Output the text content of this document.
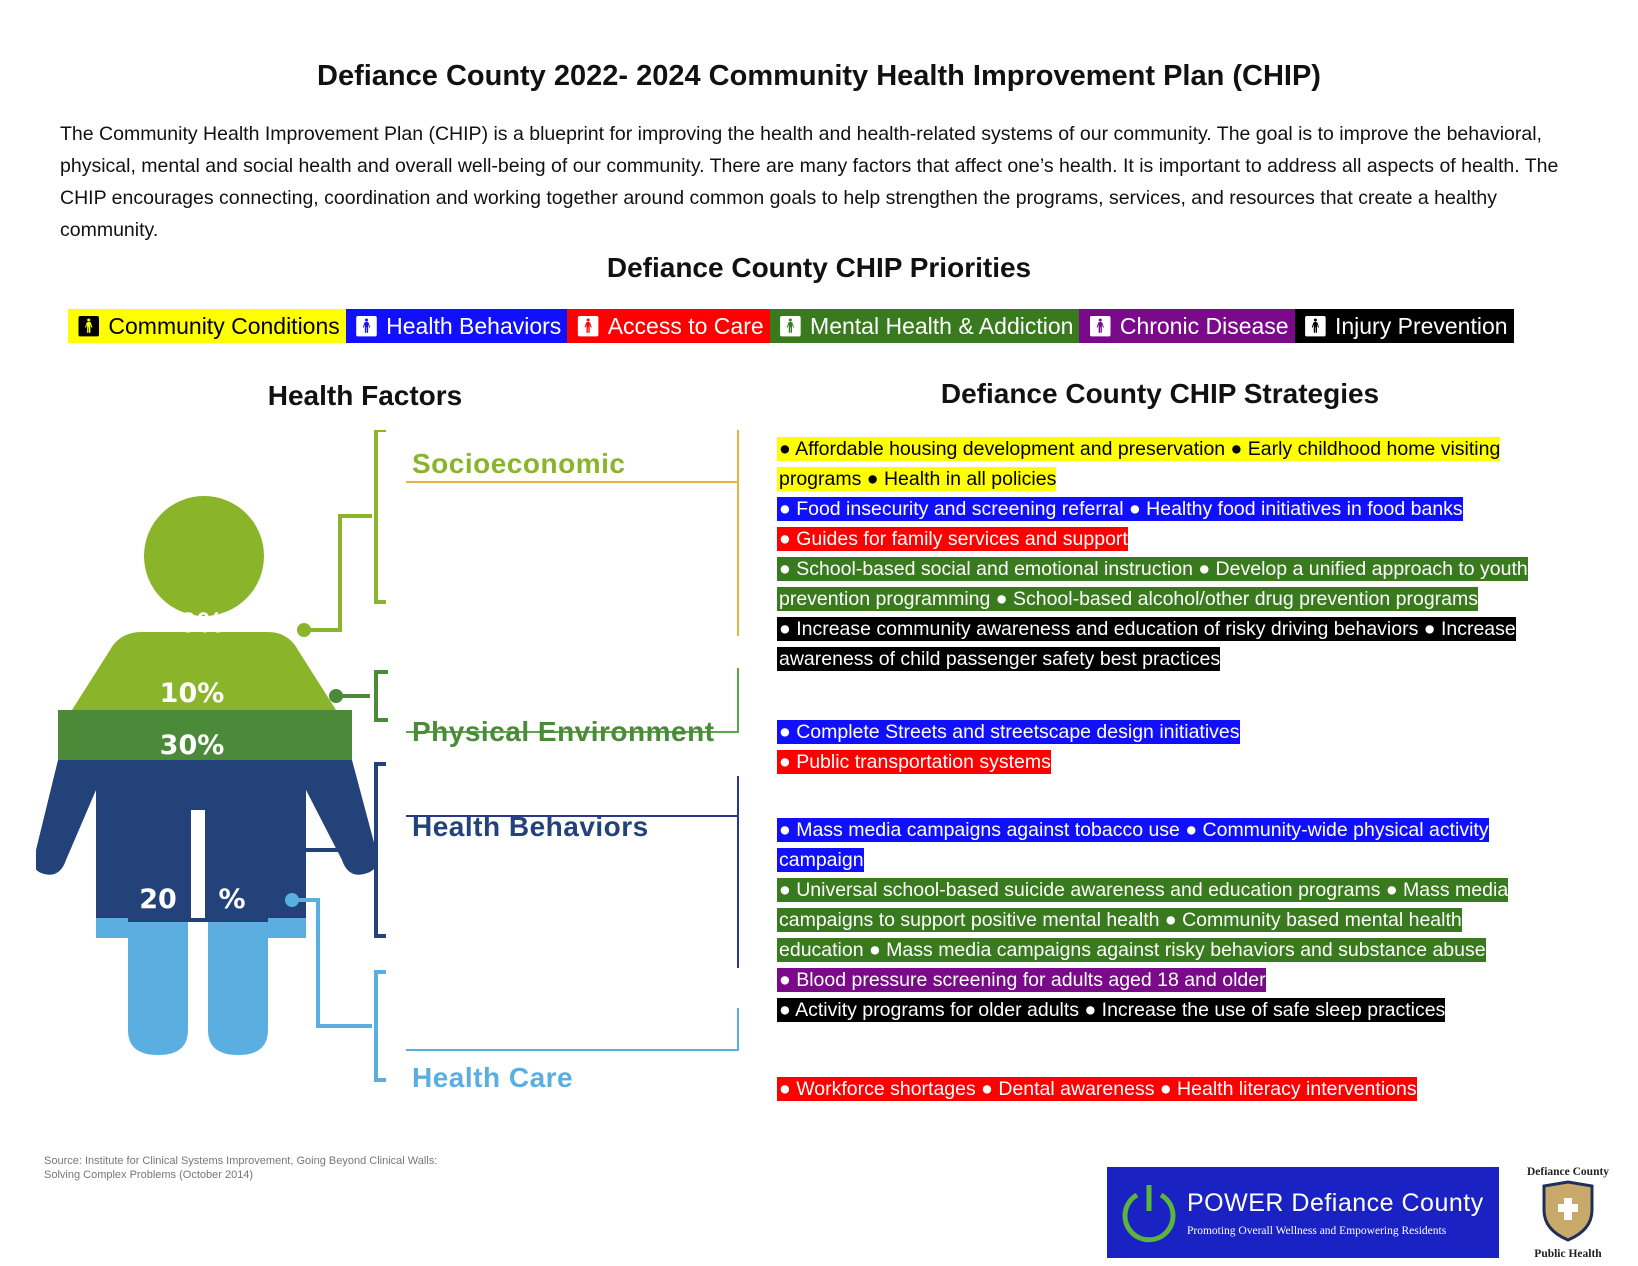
Defiance County 2022- 2024 Community Health Improvement Plan (CHIP)
The Community Health Improvement Plan (CHIP) is a blueprint for improving the health and health-related systems of our community. The goal is to improve the behavioral, physical, mental and social health and overall well-being of our community. There are many factors that affect one’s health. It is important to address all aspects of health. The CHIP encourages connecting, coordination and working together around common goals to help strengthen the programs, services, and resources that create a healthy community.
Defiance County CHIP Priorities
🚹︎ Community Conditions 🚹︎ Health Behaviors 🚹︎ Access to Care 🚹︎ Mental Health & Addiction 🚹︎ Chronic Disease 🚹︎ Injury Prevention
Health Factors	Defiance County CHIP Strategies
40%
10%
30%
20 %
Socioeconomic
Physical Environment
Health Behaviors
Health Care
● Affordable housing development and preservation ● Early childhood home visiting
programs ● Health in all policies
● Food insecurity and screening referral ● Healthy food initiatives in food banks
● Guides for family services and support
● School-based social and emotional instruction ● Develop a unified approach to youth
prevention programming ● School-based alcohol/other drug prevention programs
● Increase community awareness and education of risky driving behaviors ● Increase
awareness of child passenger safety best practices
● Complete Streets and streetscape design initiatives
● Public transportation systems
● Mass media campaigns against tobacco use ● Community-wide physical activity
campaign
● Universal school-based suicide awareness and education programs ● Mass media
campaigns to support positive mental health ● Community based mental health
education ● Mass media campaigns against risky behaviors and substance abuse
● Blood pressure screening for adults aged 18 and older
● Activity programs for older adults ● Increase the use of safe sleep practices
● Workforce shortages ● Dental awareness ● Health literacy interventions
Source: Institute for Clinical Systems Improvement, Going Beyond Clinical Walls: Solving Complex Problems (October 2014)
POWER Defiance County
Promoting Overall Wellness and Empowering Residents
Defiance County
Public Health
